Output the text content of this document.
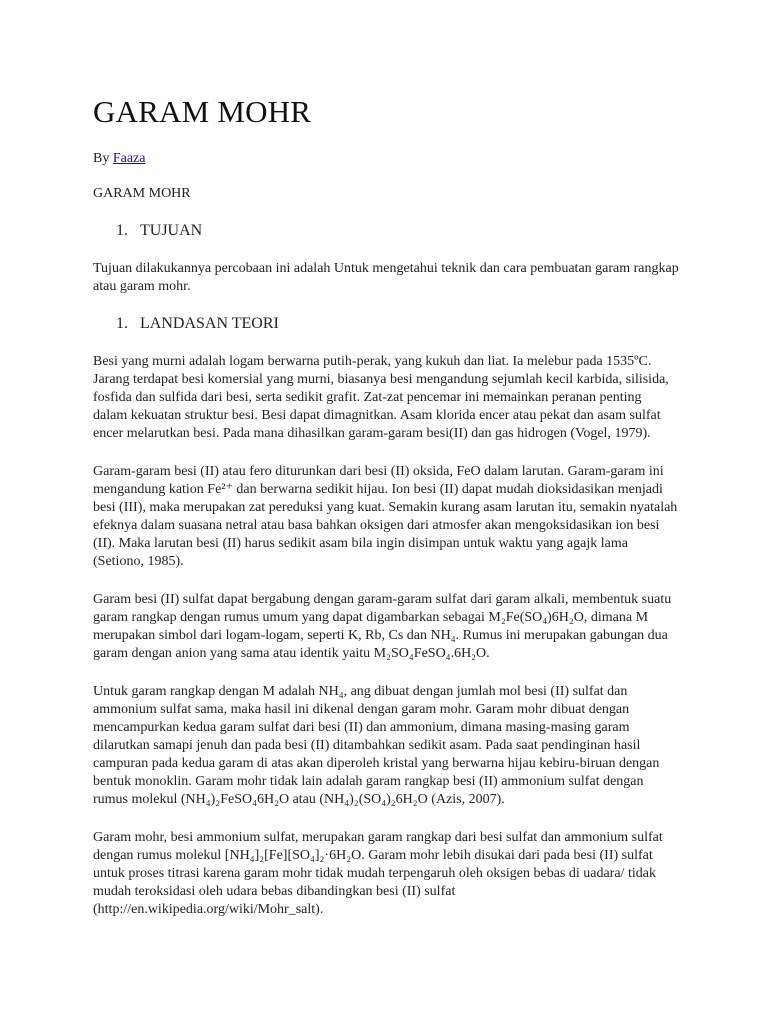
GARAM MOHR

By Faaza

GARAM MOHR

1. TUJUAN

Tujuan dilakukannya percobaan ini adalah Untuk mengetahui teknik dan cara pembuatan garam rangkap atau garam mohr.

1. LANDASAN TEORI

Besi yang murni adalah logam berwarna putih-perak, yang kukuh dan liat. Ia melebur pada 1535ºC. Jarang terdapat besi komersial yang murni, biasanya besi mengandung sejumlah kecil karbida, silisida, fosfida dan sulfida dari besi, serta sedikit grafit. Zat-zat pencemar ini memainkan peranan penting dalam kekuatan struktur besi. Besi dapat dimagnitkan. Asam klorida encer atau pekat dan asam sulfat encer melarutkan besi. Pada mana dihasilkan garam-garam besi(II) dan gas hidrogen (Vogel, 1979).

Garam-garam besi (II) atau fero diturunkan dari besi (II) oksida, FeO dalam larutan. Garam-garam ini mengandung kation Fe²⁺ dan berwarna sedikit hijau. Ion besi (II) dapat mudah dioksidasikan menjadi besi (III), maka merupakan zat pereduksi yang kuat. Semakin kurang asam larutan itu, semakin nyatalah efeknya dalam suasana netral atau basa bahkan oksigen dari atmosfer akan mengoksidasikan ion besi (II). Maka larutan besi (II) harus sedikit asam bila ingin disimpan untuk waktu yang agajk lama (Setiono, 1985).

Garam besi (II) sulfat dapat bergabung dengan garam-garam sulfat dari garam alkali, membentuk suatu garam rangkap dengan rumus umum yang dapat digambarkan sebagai M₂Fe(SO₄)6H₂O, dimana M merupakan simbol dari logam-logam, seperti K, Rb, Cs dan NH₄. Rumus ini merupakan gabungan dua garam dengan anion yang sama atau identik yaitu M₂SO₄FeSO₄.6H₂O.

Untuk garam rangkap dengan M adalah NH₄, ang dibuat dengan jumlah mol besi (II) sulfat dan ammonium sulfat sama, maka hasil ini dikenal dengan garam mohr. Garam mohr dibuat dengan mencampurkan kedua garam sulfat dari besi (II) dan ammonium, dimana masing-masing garam dilarutkan samapi jenuh dan pada besi (II) ditambahkan sedikit asam. Pada saat pendinginan hasil campuran pada kedua garam di atas akan diperoleh kristal yang berwarna hijau kebiru-biruan dengan bentuk monoklin. Garam mohr tidak lain adalah garam rangkap besi (II) ammonium sulfat dengan rumus molekul (NH₄)₂FeSO₄6H₂O atau (NH₄)₂(SO₄)₂6H₂O (Azis, 2007).

Garam mohr, besi ammonium sulfat, merupakan garam rangkap dari besi sulfat dan ammonium sulfat dengan rumus molekul [NH₄]₂[Fe][SO₄]₂·6H₂O. Garam mohr lebih disukai dari pada besi (II) sulfat untuk proses titrasi karena garam mohr tidak mudah terpengaruh oleh oksigen bebas di uadara/ tidak mudah teroksidasi oleh udara bebas dibandingkan besi (II) sulfat (http://en.wikipedia.org/wiki/Mohr_salt).
